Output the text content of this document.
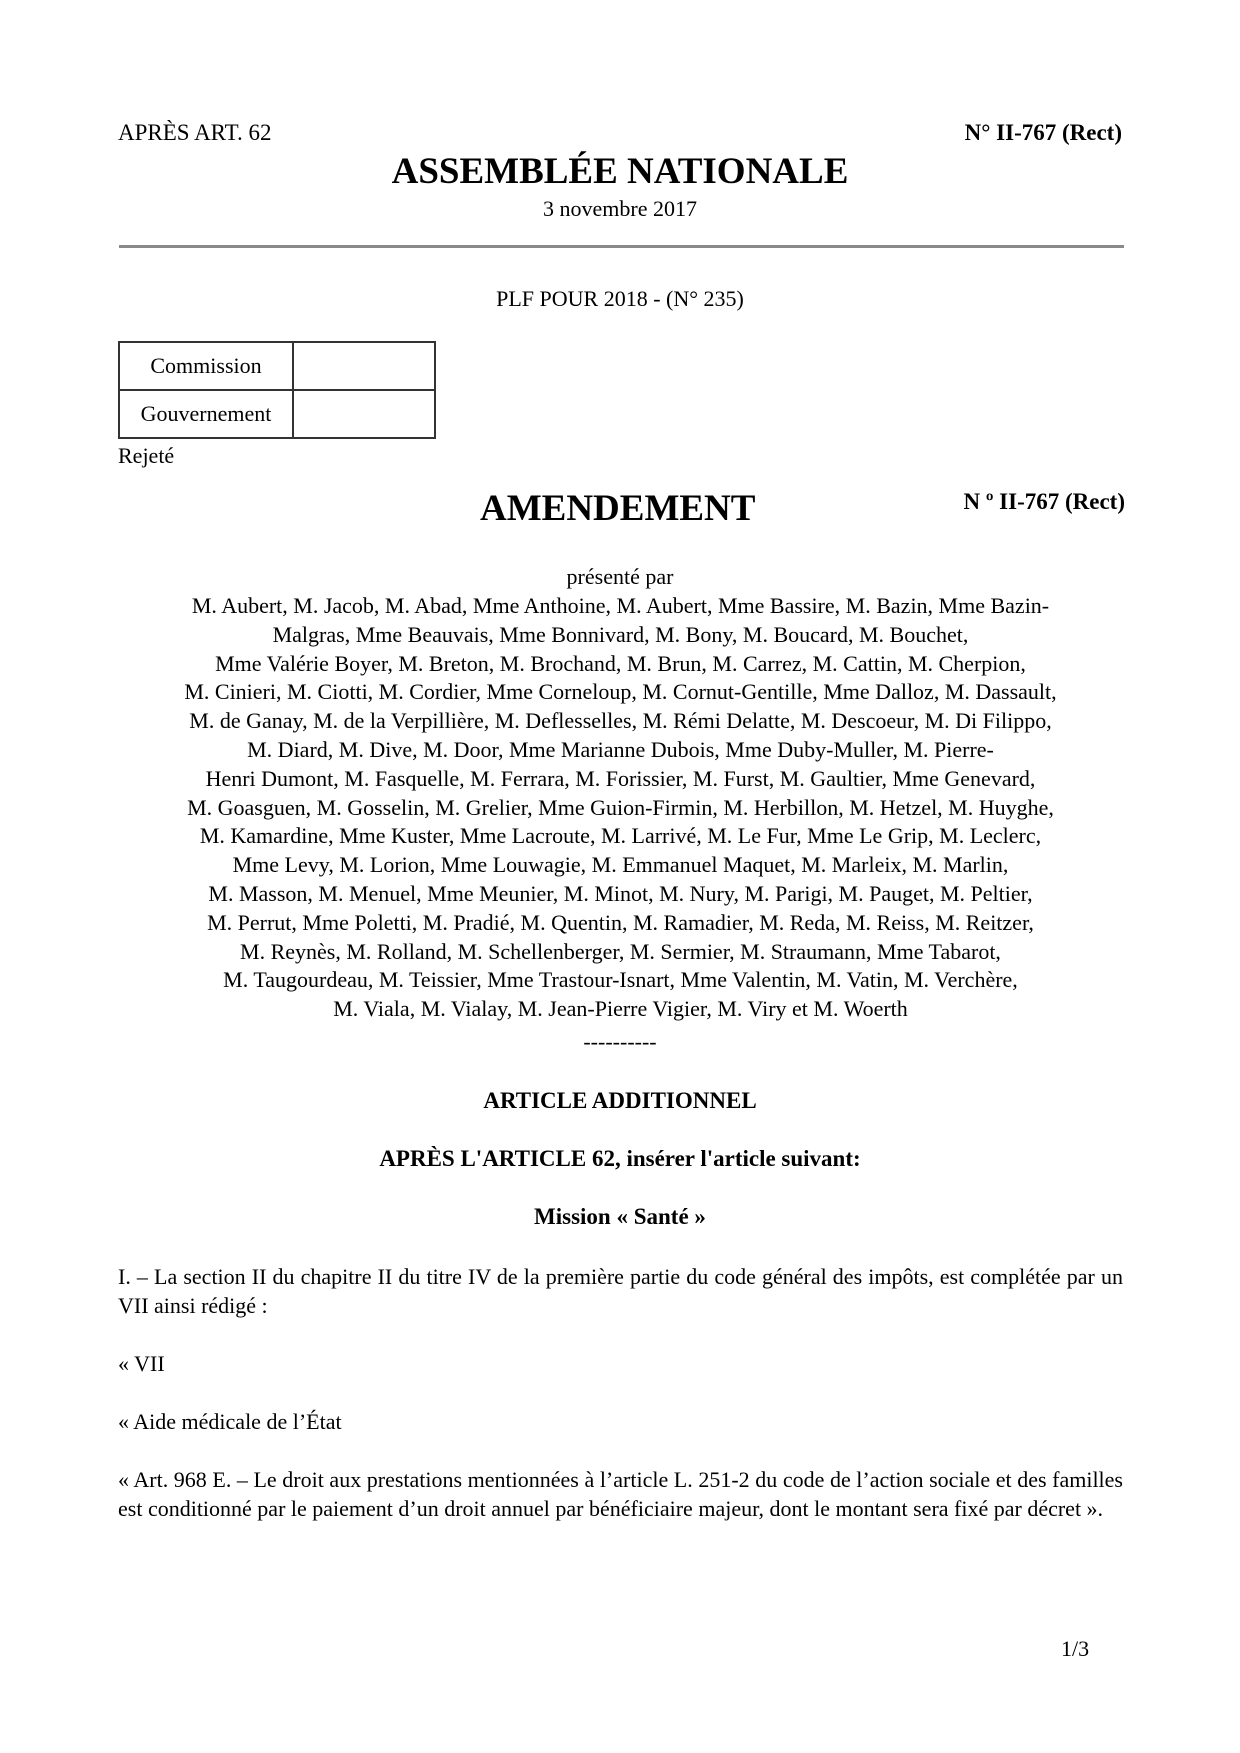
APRÈS ART. 62	N° II-767 (Rect)
ASSEMBLÉE NATIONALE
3 novembre 2017
PLF POUR 2018 - (N° 235)
Commission	
Gouvernement	
Rejeté
AMENDEMENT	N º II-767 (Rect)
présenté par
M. Aubert, M. Jacob, M. Abad, Mme Anthoine, M. Aubert, Mme Bassire, M. Bazin, Mme Bazin-
Malgras, Mme Beauvais, Mme Bonnivard, M. Bony, M. Boucard, M. Bouchet,
Mme Valérie Boyer, M. Breton, M. Brochand, M. Brun, M. Carrez, M. Cattin, M. Cherpion,
M. Cinieri, M. Ciotti, M. Cordier, Mme Corneloup, M. Cornut-Gentille, Mme Dalloz, M. Dassault,
M. de Ganay, M. de la Verpillière, M. Deflesselles, M. Rémi Delatte, M. Descoeur, M. Di Filippo,
M. Diard, M. Dive, M. Door, Mme Marianne Dubois, Mme Duby-Muller, M. Pierre-
Henri Dumont, M. Fasquelle, M. Ferrara, M. Forissier, M. Furst, M. Gaultier, Mme Genevard,
M. Goasguen, M. Gosselin, M. Grelier, Mme Guion-Firmin, M. Herbillon, M. Hetzel, M. Huyghe,
M. Kamardine, Mme Kuster, Mme Lacroute, M. Larrivé, M. Le Fur, Mme Le Grip, M. Leclerc,
Mme Levy, M. Lorion, Mme Louwagie, M. Emmanuel Maquet, M. Marleix, M. Marlin,
M. Masson, M. Menuel, Mme Meunier, M. Minot, M. Nury, M. Parigi, M. Pauget, M. Peltier,
M. Perrut, Mme Poletti, M. Pradié, M. Quentin, M. Ramadier, M. Reda, M. Reiss, M. Reitzer,
M. Reynès, M. Rolland, M. Schellenberger, M. Sermier, M. Straumann, Mme Tabarot,
M. Taugourdeau, M. Teissier, Mme Trastour-Isnart, Mme Valentin, M. Vatin, M. Verchère,
M. Viala, M. Vialay, M. Jean-Pierre Vigier, M. Viry et M. Woerth
----------
ARTICLE ADDITIONNEL
APRÈS L'ARTICLE 62, insérer l'article suivant:
Mission « Santé »
I. – La section II du chapitre II du titre IV de la première partie du code général des impôts, est complétée par un VII ainsi rédigé :
« VII
« Aide médicale de l’État
« Art. 968 E. – Le droit aux prestations mentionnées à l’article L. 251-2 du code de l’action sociale et des familles est conditionné par le paiement d’un droit annuel par bénéficiaire majeur, dont le montant sera fixé par décret ».
1/3
